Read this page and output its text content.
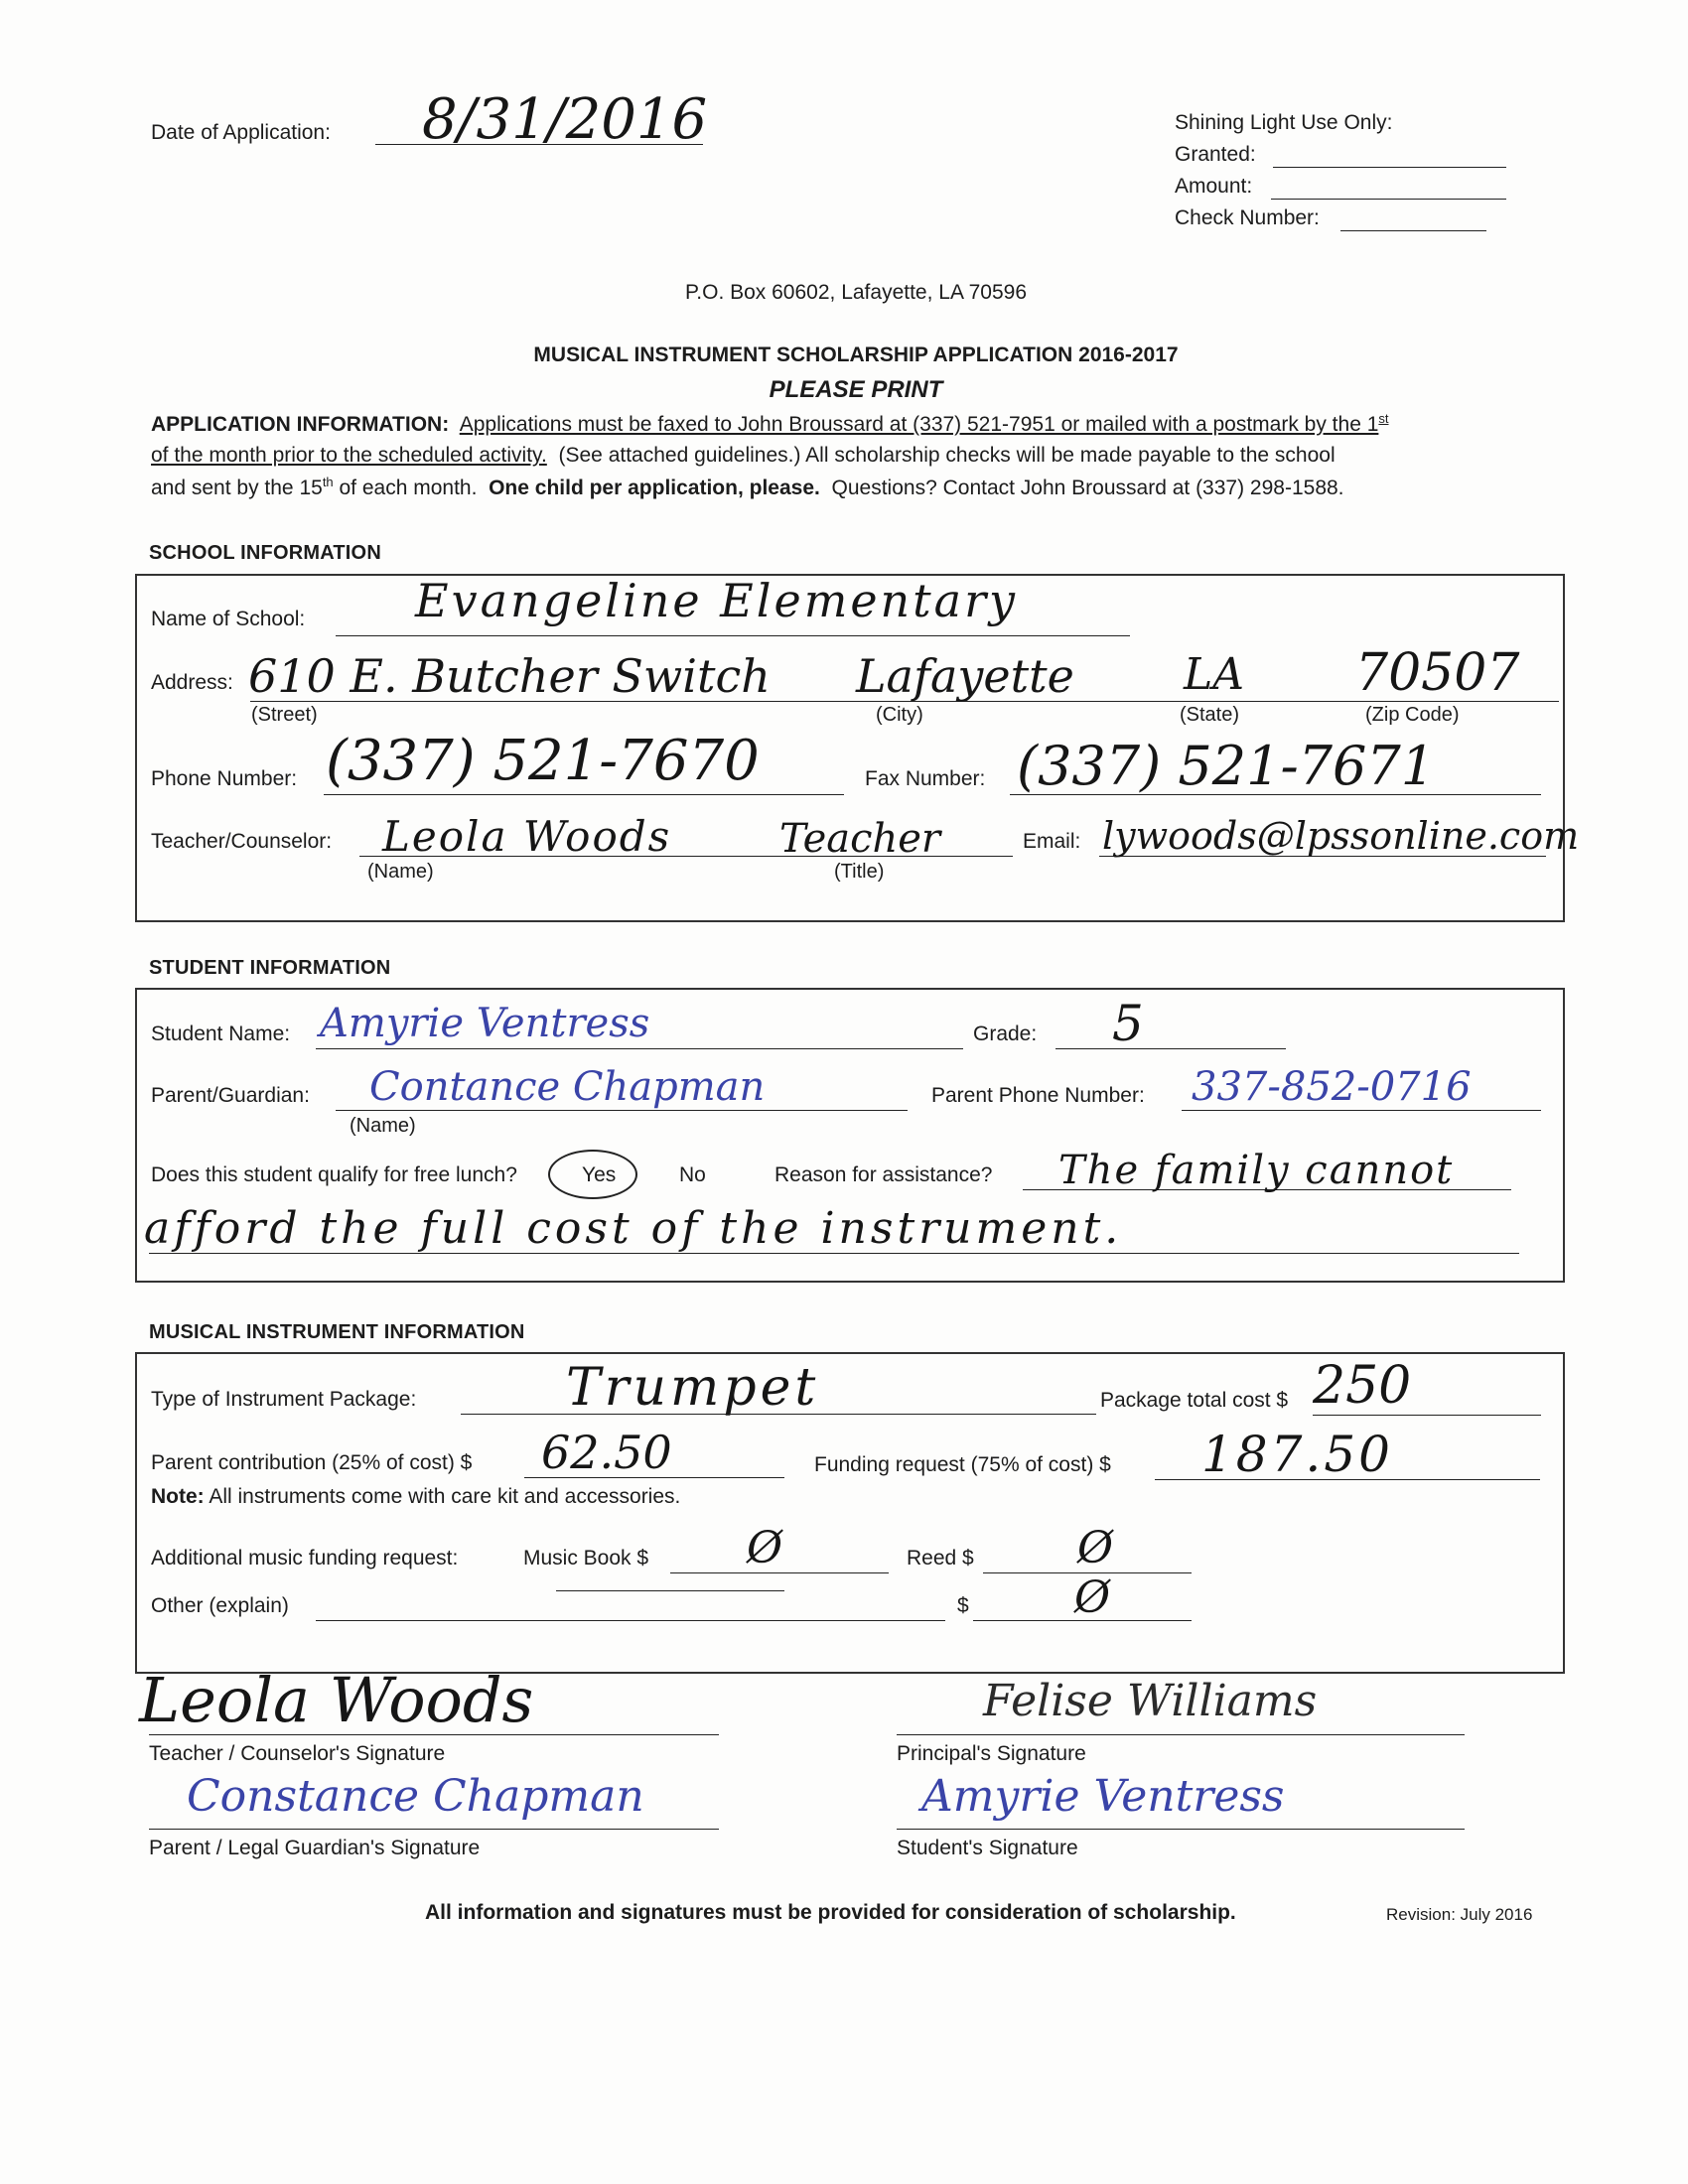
Date of Application: 8/31/2016	Shining Light Use Only:
Granted:
Amount:
Check Number:
P.O. Box 60602, Lafayette, LA 70596
MUSICAL INSTRUMENT SCHOLARSHIP APPLICATION 2016-2017
PLEASE PRINT
APPLICATION INFORMATION: Applications must be faxed to John Broussard at (337) 521-7951 or mailed with a postmark by the 1st
of the month prior to the scheduled activity. (See attached guidelines.) All scholarship checks will be made payable to the school
and sent by the 15th of each month. One child per application, please. Questions? Contact John Broussard at (337) 298-1588.
SCHOOL INFORMATION
Name of School: Evangeline Elementary
Address: 610 E. Butcher Switch Lafayette	LA 70507
(Street)	(City)	(State)	(Zip Code)
Phone Number: (337) 521-7670	Fax Number: (337) 521-7671
Teacher/Counselor: Leola Woods	Teacher
(Name)	(Title)
Email: lywoods@lpssonline.com
STUDENT INFORMATION
Student Name: Amyrie Ventress	Grade: 5
Parent/Guardian: Contance Chapman
(Name)
Parent Phone Number: 337-852-0716
Does this student qualify for free lunch?	Yes	No	Reason for assistance? The family cannot
afford the full cost of the instrument.
MUSICAL INSTRUMENT INFORMATION
Type of Instrument Package:	Trumpet	Package total cost $ 250
Parent contribution (25% of cost) $ 62.50	Funding request (75% of cost) $ 187.50
Note: All instruments come with care kit and accessories.
Additional music funding request:	Music Book $ Ø	Reed $ Ø
Other (explain)	$ Ø
Leola Woods
Teacher / Counselor's Signature
Felise Williams
Principal's Signature
Constance Chapman
Parent / Legal Guardian's Signature
Amyrie Ventress
Student's Signature
All information and signatures must be provided for consideration of scholarship.	Revision: July 2016
